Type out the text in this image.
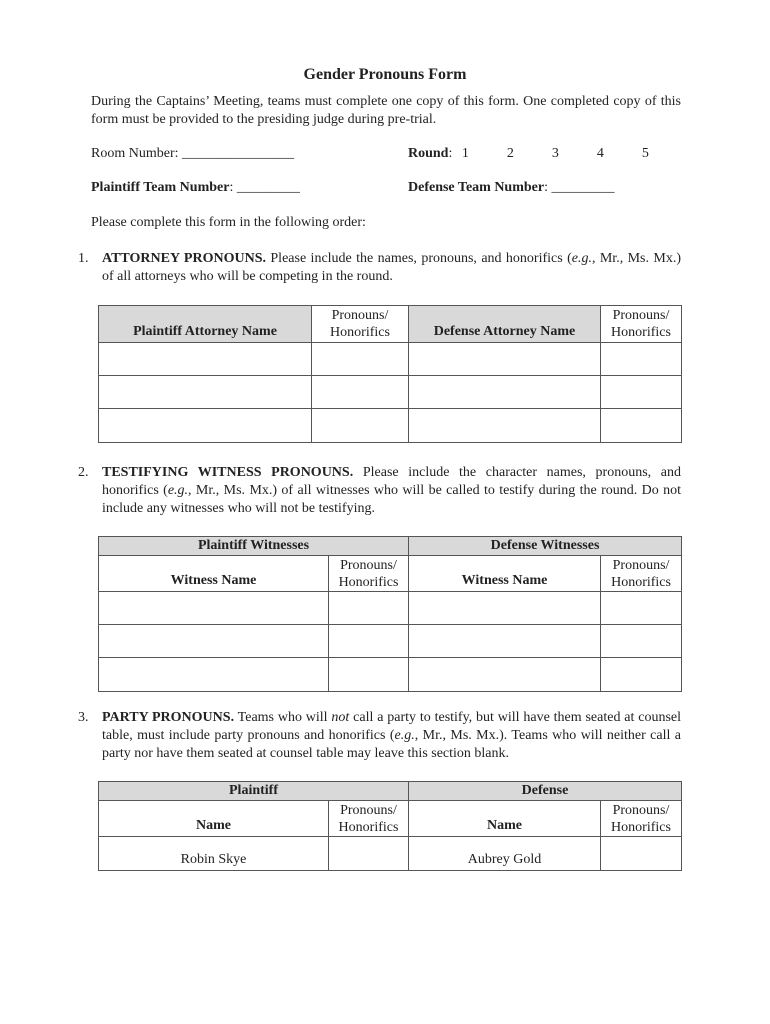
Gender Pronouns Form
During the Captains’ Meeting, teams must complete one copy of this form. One completed copy of this form must be provided to the presiding judge during pre-trial.
Room Number: ________________	Round: 1	2	3	4	5
Plaintiff Team Number: _________	Defense Team Number: _________
Please complete this form in the following order:
1. ATTORNEY PRONOUNS. Please include the names, pronouns, and honorifics (e.g., Mr., Ms. Mx.) of all attorneys who will be competing in the round.
Plaintiff Attorney Name	Pronouns/ Honorifics	Defense Attorney Name	Pronouns/ Honorifics

2. TESTIFYING WITNESS PRONOUNS. Please include the character names, pronouns, and honorifics (e.g., Mr., Ms. Mx.) of all witnesses who will be called to testify during the round. Do not include any witnesses who will not be testifying.
Plaintiff Witnesses		Defense Witnesses	
Witness Name	Pronouns/ Honorifics	Witness Name	Pronouns/ Honorifics

3. PARTY PRONOUNS. Teams who will not call a party to testify, but will have them seated at counsel table, must include party pronouns and honorifics (e.g., Mr., Ms. Mx.). Teams who will neither call a party nor have them seated at counsel table may leave this section blank.
Plaintiff		Defense	
Name	Pronouns/ Honorifics	Name	Pronouns/ Honorifics
Robin Skye		Aubrey Gold	
